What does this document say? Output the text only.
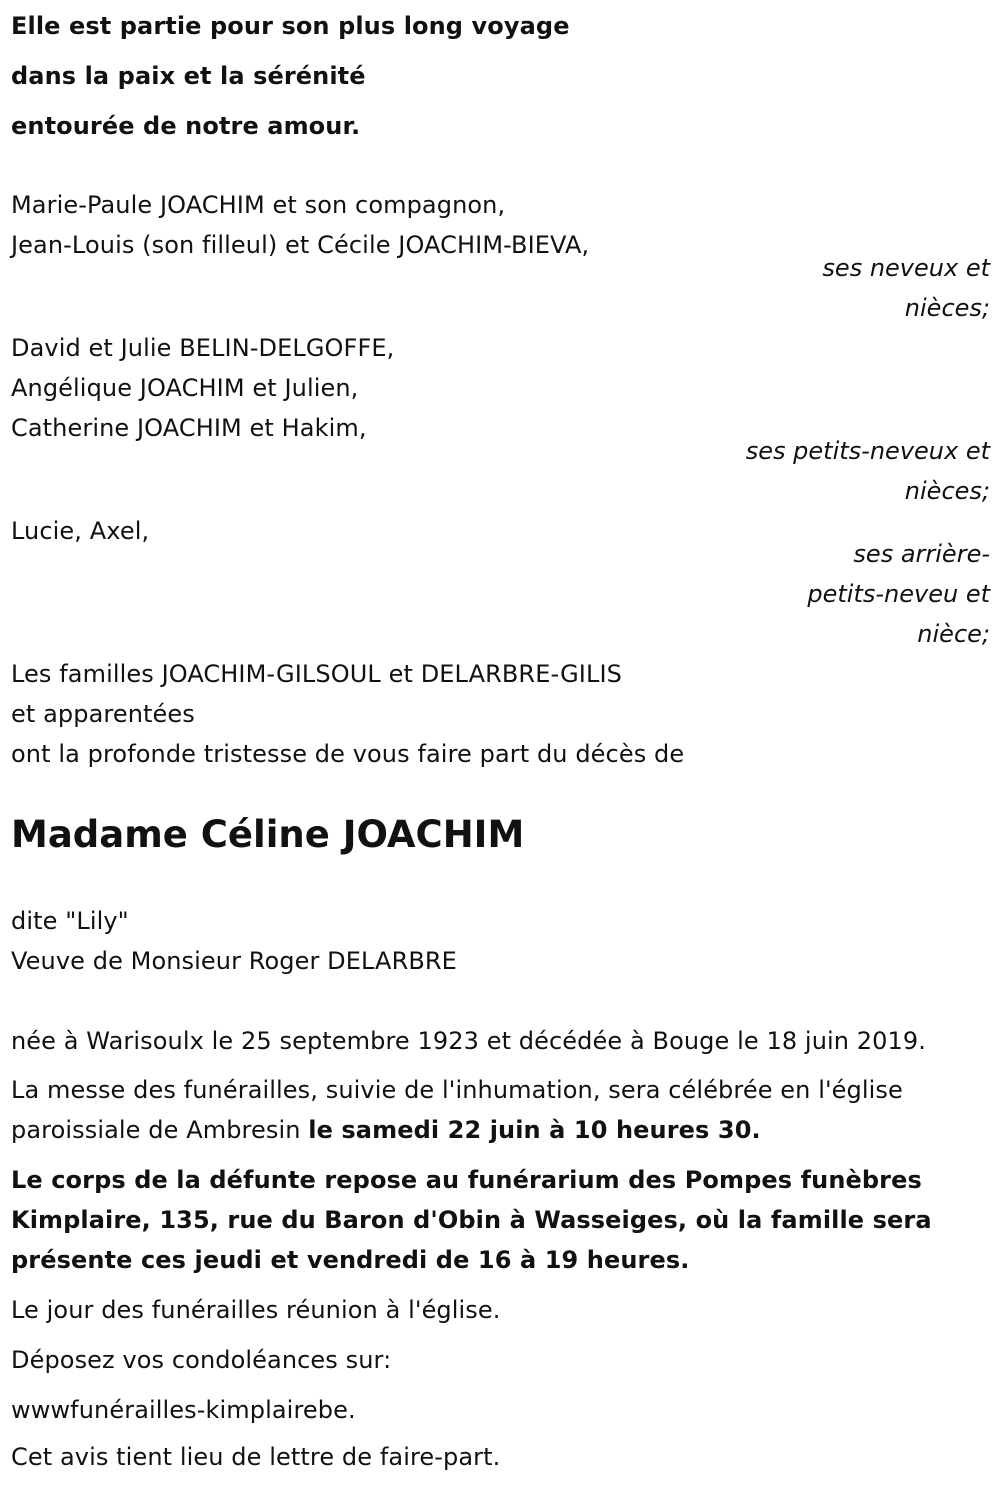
Elle est partie pour son plus long voyage
dans la paix et la sérénité
entourée de notre amour.
Marie-Paule JOACHIM et son compagnon,
Jean-Louis (son filleul) et Cécile JOACHIM-BIEVA,
ses neveux et
nièces;
David et Julie BELIN-DELGOFFE,
Angélique JOACHIM et Julien,
Catherine JOACHIM et Hakim,
ses petits-neveux et
nièces;
Lucie, Axel,
ses arrière-
petits-neveu et
nièce;
Les familles JOACHIM-GILSOUL et DELARBRE-GILIS
et apparentées
ont la profonde tristesse de vous faire part du décès de
Madame Céline JOACHIM
dite "Lily"
Veuve de Monsieur Roger DELARBRE
née à Warisoulx le 25 septembre 1923 et décédée à Bouge le 18 juin 2019.
La messe des funérailles, suivie de l'inhumation, sera célébrée en l'église
paroissiale de Ambresin le samedi 22 juin à 10 heures 30.
Le corps de la défunte repose au funérarium des Pompes funèbres
Kimplaire, 135, rue du Baron d'Obin à Wasseiges, où la famille sera
présente ces jeudi et vendredi de 16 à 19 heures.
Le jour des funérailles réunion à l'église.
Déposez vos condoléances sur:
wwwfunérailles-kimplairebe.
Cet avis tient lieu de lettre de faire-part.
